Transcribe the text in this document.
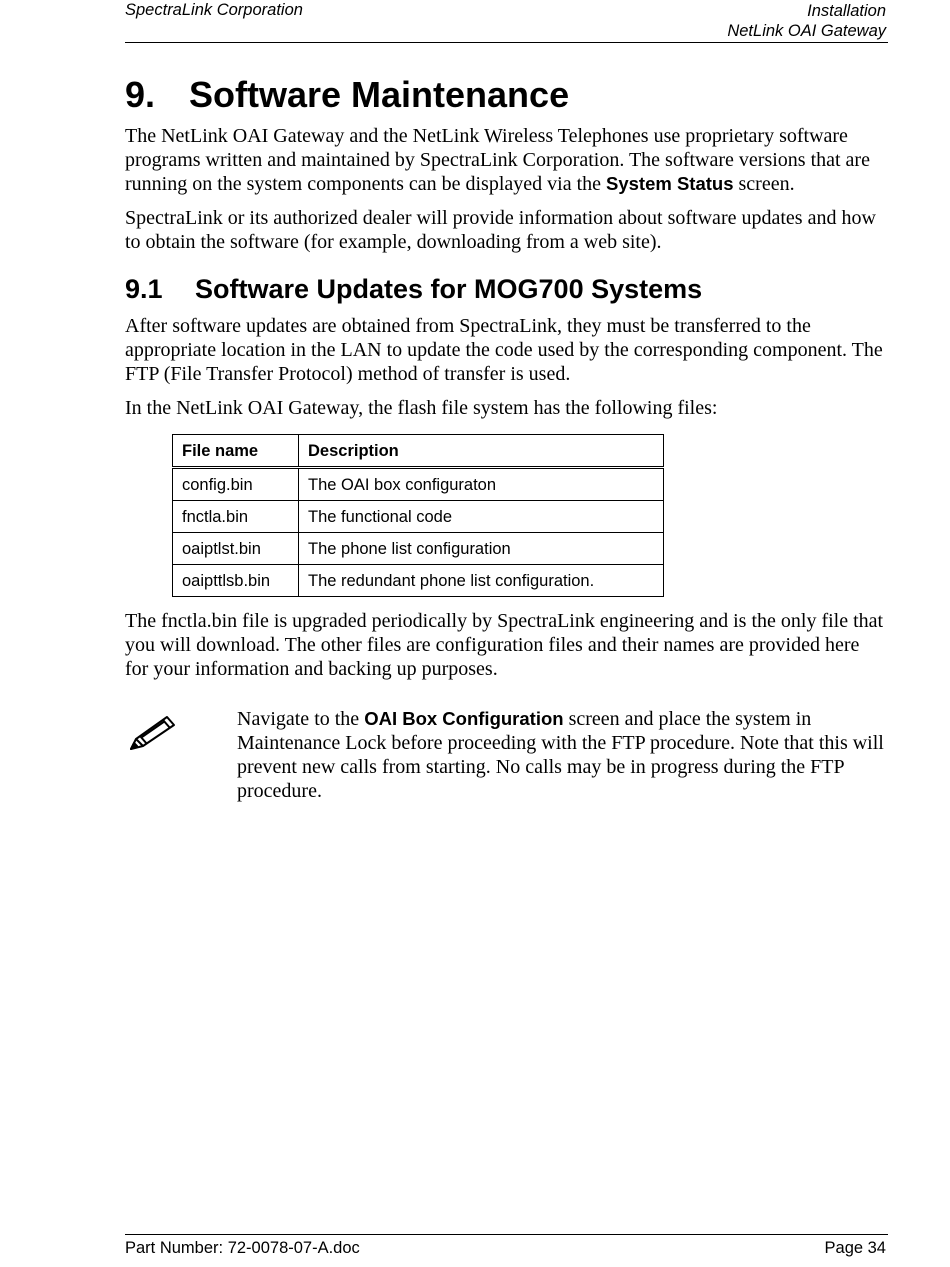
SpectraLink Corporation	Installation
NetLink OAI Gateway
9. Software Maintenance

The NetLink OAI Gateway and the NetLink Wireless Telephones use proprietary software programs written and maintained by SpectraLink Corporation. The software versions that are running on the system components can be displayed via the System Status screen.

SpectraLink or its authorized dealer will provide information about software updates and how to obtain the software (for example, downloading from a web site).

9.1 Software Updates for MOG700 Systems

After software updates are obtained from SpectraLink, they must be transferred to the appropriate location in the LAN to update the code used by the corresponding component. The FTP (File Transfer Protocol) method of transfer is used.

In the NetLink OAI Gateway, the flash file system has the following files:

File name	Description
config.bin	The OAI box configuraton
fnctla.bin	The functional code
oaiptlst.bin	The phone list configuration
oaipttlsb.bin	The redundant phone list configuration.

The fnctla.bin file is upgraded periodically by SpectraLink engineering and is the only file that you will download. The other files are configuration files and their names are provided here for your information and backing up purposes.

Navigate to the OAI Box Configuration screen and place the system in Maintenance Lock before proceeding with the FTP procedure. Note that this will prevent new calls from starting. No calls may be in progress during the FTP procedure.

Part Number: 72-0078-07-A.doc	Page 34
